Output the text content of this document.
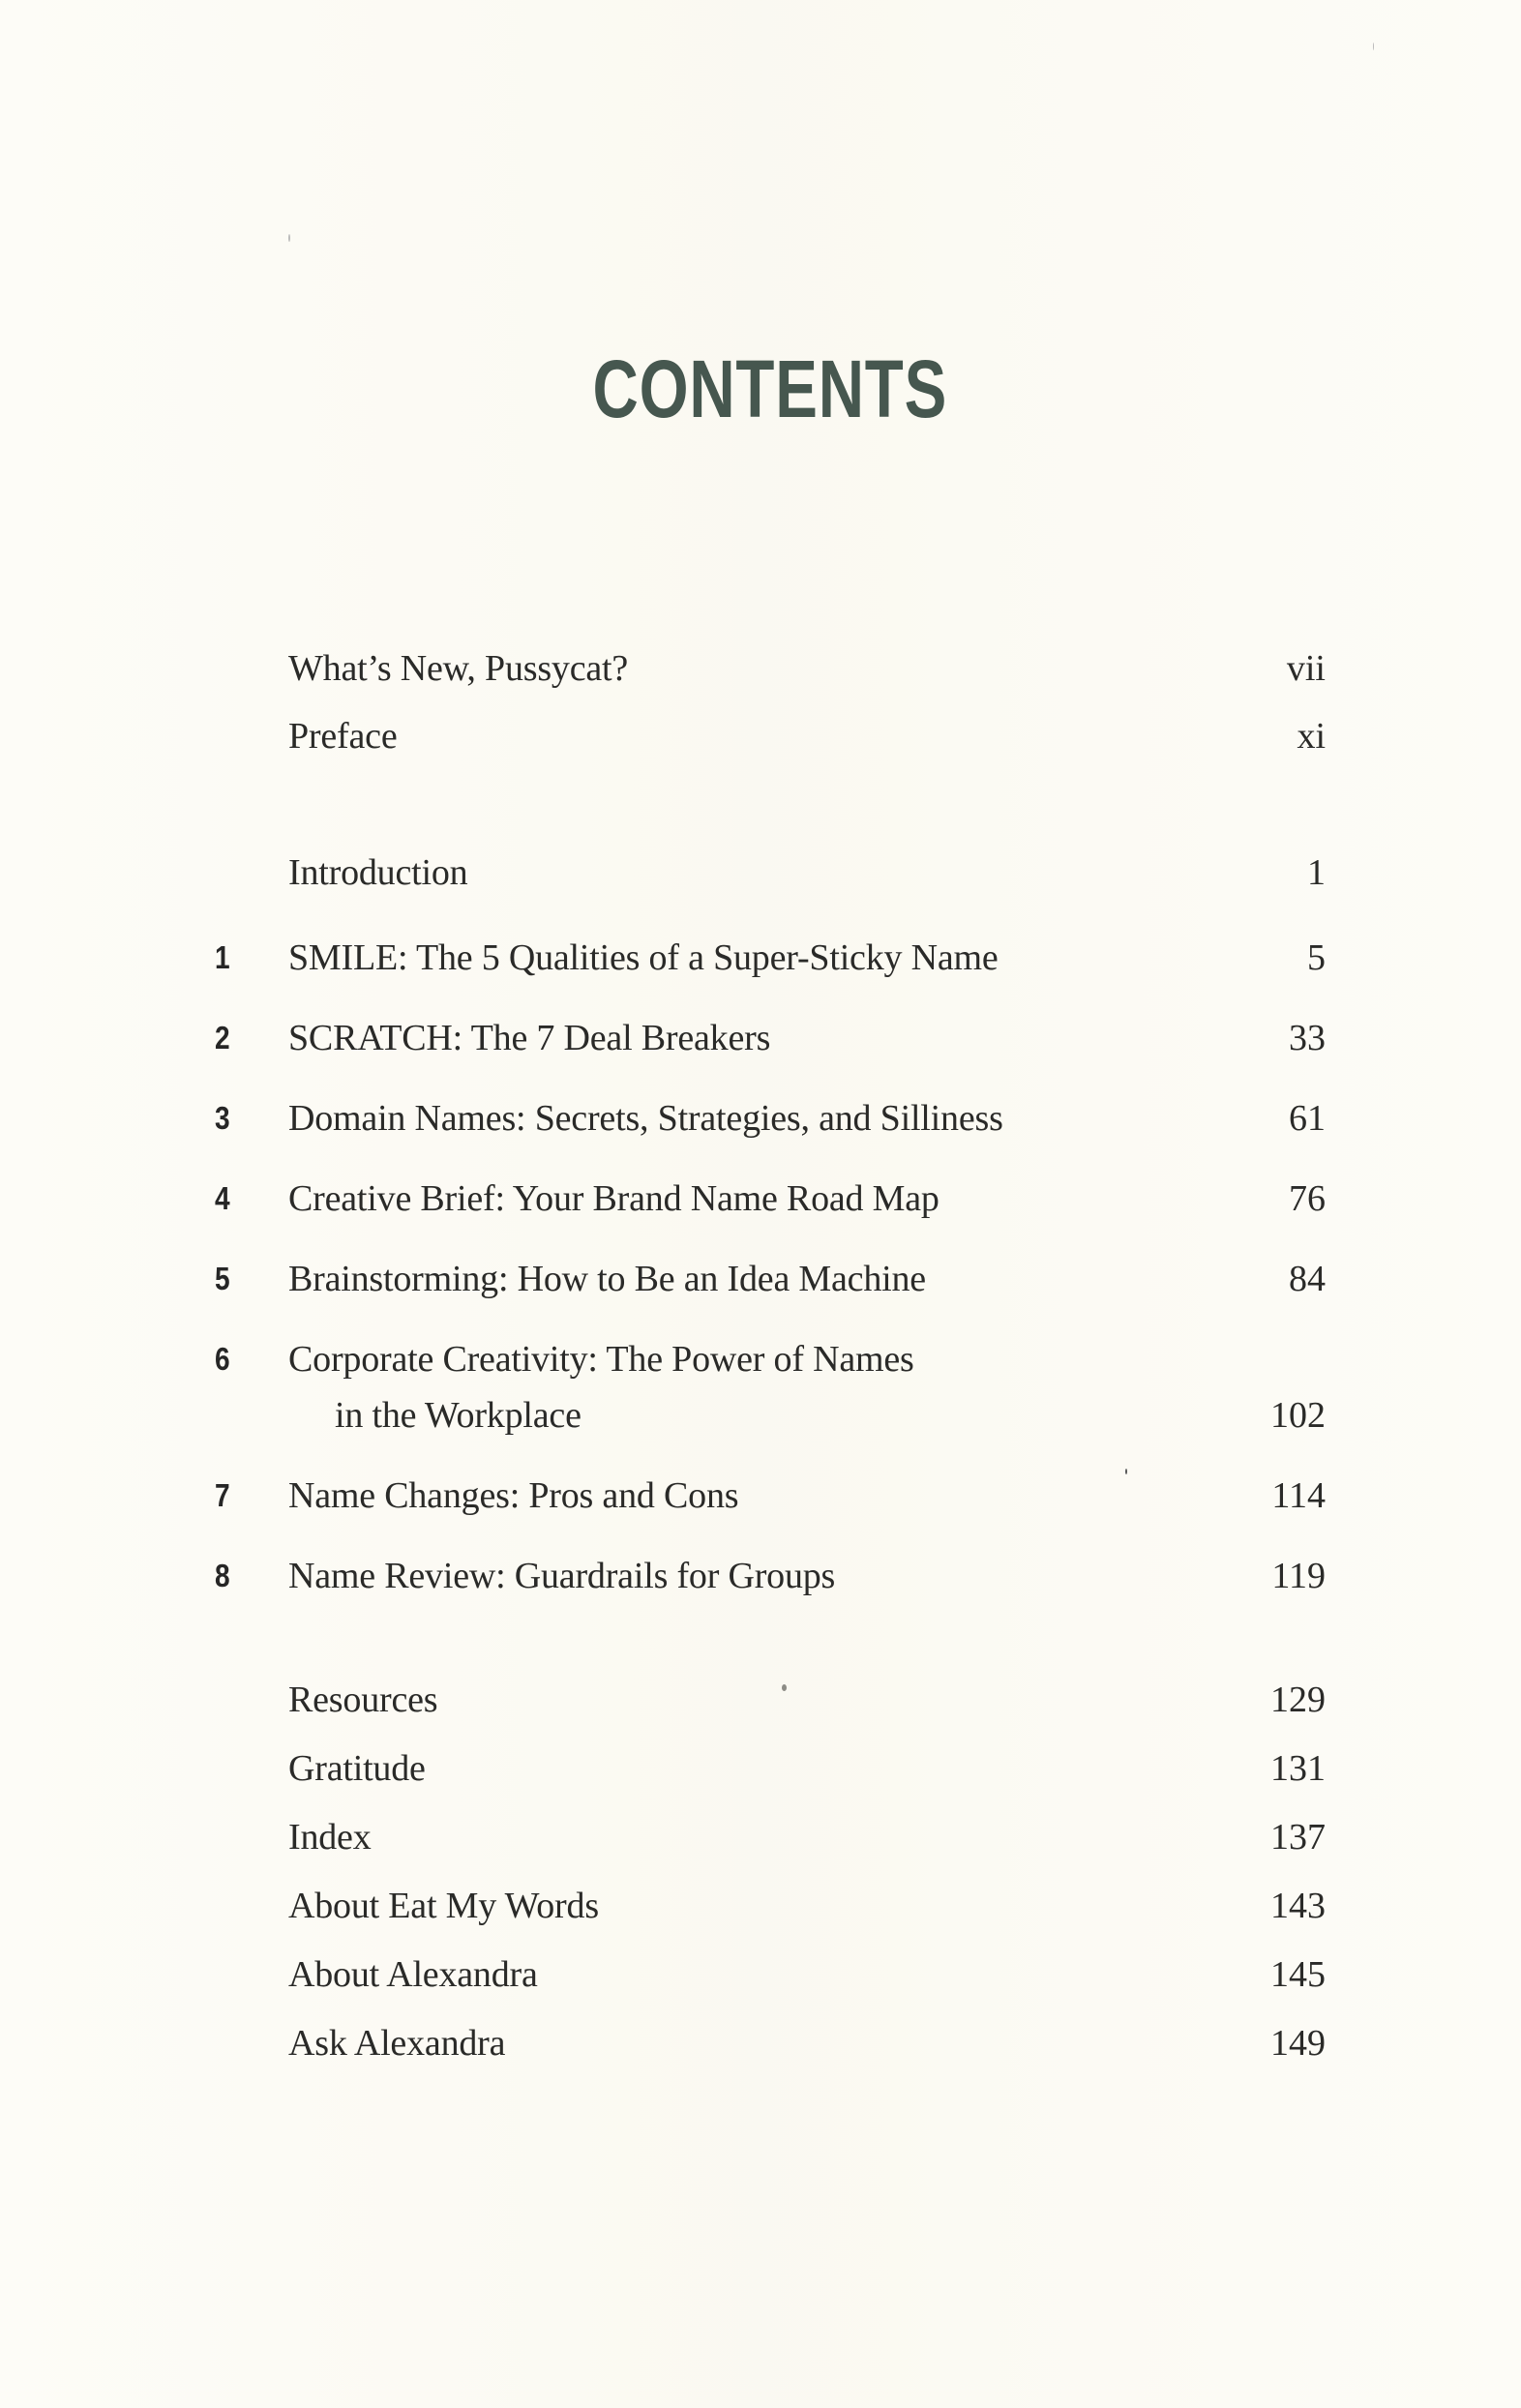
CONTENTS
What’s New, Pussycat?	vii
Preface	xi
Introduction	1
1 SMILE: The 5 Qualities of a Super-Sticky Name	5
2 SCRATCH: The 7 Deal Breakers	33
3 Domain Names: Secrets, Strategies, and Silliness	61
4 Creative Brief: Your Brand Name Road Map	76
5 Brainstorming: How to Be an Idea Machine	84
6 Corporate Creativity: The Power of Names
in the Workplace	102
7 Name Changes: Pros and Cons	114
8 Name Review: Guardrails for Groups	119
Resources	129
Gratitude	131
Index	137
About Eat My Words	143
About Alexandra	145
Ask Alexandra	149
